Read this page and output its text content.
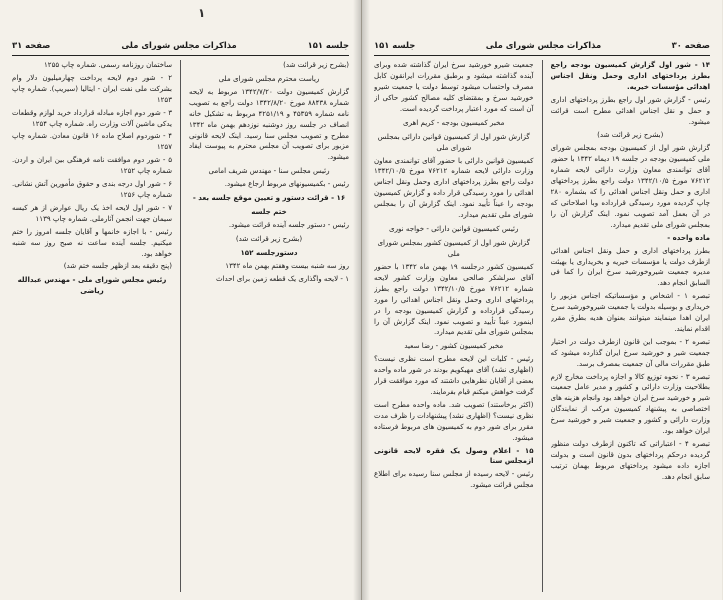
۱
جلسه ۱۵۱
مذاکرات مجلس شورای ملی
صفحه ۳۱

(بشرح زیر قرائت شد)

ریاست محترم مجلس شورای ملی

گزارش کمیسیون دولت ۱۳۴۲/۷/۲۰ مربوط به لایحه شماره ۸۸۴۳۸ مورخ ۱۳۴۲/۸/۲۰ دولت راجع به تصویب نامه شماره ۴۵۳۵۹ و ۴۲۵۱/۱۹ مربوط به تشکیل خانه انصاف در جلسه روز دوشنبه نوزدهم بهمن ماه ۱۳۴۲ مطرح و تصویب مجلس سنا رسید. اینک لایحه قانونی مزبور برای تصویب آن مجلس محترم به پیوست ایفاد میشود.

رئیس مجلس سنا - مهندس شریف امامی

رئیس - بکمیسیونهای مربوط ارجاع میشود.

۱۶ - قرائت دستور و تعیین موقع جلسه بعد -

ختم جلسه

رئیس - دستور جلسه آینده قرائت میشود.

(بشرح زیر قرائت شد)

دستورجلسه ۱۵۲

روز سه شنبه بیست وهفتم بهمن ماه ۱۳۴۲

۱ - لایحه واگذاری یک قطعه زمین برای احداث

ساختمان روزنامه رسمی. شماره چاپ ۱۲۵۵

۲ - شور دوم لایحه پرداخت چهارمیلیون دلار وام بشرکت ملی نفت ایران - ایتالیا (سیریپ). شماره چاپ ۱۲۵۳

۳ - شور دوم اجازه مبادله قرارداد خرید لوازم وقطعات یدکی ماشین آلات وزارت راه. شماره چاپ ۱۲۵۴

۴ - شوردوم اصلاح ماده ۱۶ قانون معادن. شماره چاپ ۱۲۵۷

۵ - شور دوم موافقت نامه فرهنگی بین ایران و اردن. شماره چاپ ۱۲۵۲

۶ - شور اول درجه بندی و حقوق مأمورین آتش نشانی. شماره چاپ ۱۲۵۶

۷ - شور اول لایحه اخذ یک ریال عوارض از هر کیسه سیمان جهت انجمن آثارملی. شماره چاپ ۱۱۳۹

رئیس - با اجازه خانمها و آقایان جلسه امروز را ختم میکنیم. جلسه آینده ساعت نه صبح روز سه شنبه خواهد بود.

(پنج دقیقه بعد ازظهر جلسه ختم شد)

رئیس مجلس شورای ملی - مهندس عبدالله ریاضی

صفحه ۳۰
مذاکرات مجلس شورای ملی
جلسه ۱۵۱

۱۴ - شور اول گزارش کمیسیون بودجه راجع بطرز پرداختهای اداری وحمل ونقل اجناس اهدائی مؤسسات خیریه.

رئیس - گزارش شور اول راجع بطرز پرداختهای اداری و حمل و نقل اجناس اهدائی مطرح است قرائت میشود.

(بشرح زیر قرائت شد)

گزارش شور اول از کمیسیون بودجه بمجلس شورای ملی کمیسیون بودجه در جلسه ۱۹ دیماه ۱۳۴۲ با حضور آقای توانمندی معاون وزارت دارائی لایحه شماره ۷۶۲۱۲ مورخ ۱۳۴۲/۱۰/۵ دولت راجع بطرز پرداختهای اداری و حمل ونقل اجناس اهدائی را که بشماره ۲۸۰ چاپ گردیده مورد رسیدگی قرارداده وبا اصلاحاتی که در آن بعمل آمد تصویب نمود. اینک گزارش آن را بمجلس شورای ملی تقدیم میدارد.

ماده واحده -

بطرز پرداختهای اداری و حمل ونقل اجناس اهدائی ازطرف دولت یا مؤسسات خیریه و بخریداری یا بهیئت مدیره جمعیت شیروخورشید سرخ ایران را کما فی السابق انجام دهد.

تبصره ۱ - اشخاص و مؤسساتیکه اجناس مزبور را خریداری و بوسیله بدولت یا جمعیت شیروخورشید سرخ ایران اهدا مینمایند میتوانند بعنوان هدیه بطرق مقرر اقدام نمایند.

تبصره ۲ - بموجب این قانون ازطرف دولت در اختیار جمعیت شیر و خورشید سرخ ایران گذارده میشود که طبق مقررات مالی آن جمعیت بمصرف برسد.

تبصره ۳ - نحوه توزیع کالا و اجازه پرداخت مخارج لازم بطلاحیت وزارت دارائی و کشور و مدیر عامل جمعیت شیر و خورشید سرخ ایران خواهد بود وانجام هزینه های اختصاصی به پیشنهاد کمیسیون مرکب از نمایندگان وزارت دارائی و کشور و جمعیت شیر و خورشید سرخ ایران خواهد بود.

تبصره ۴ - اعتباراتی که تاکنون ازطرف دولت منظور گردیده درحکم پرداختهای بدون قانون است و بدولت اجازه داده میشود پرداختهای مربوط بهمان ترتیب سابق انجام دهد.

جمعیت شیرو خورشید سرخ ایران گذاشته شده وبرای آینده گذاشته میشود و برطبق مقررات ایرانقون کابل مصرف واحتساب میشود توسط دولت یا جمعیت شیرو خورشید سرخ و بمقتضای کلیه مصالح کشور حاکی از آن است که مورد اعتبار پرداخت گردیده است.

مخبر کمیسیون بودجه - کریم اهری

گزارش شور اول از کمیسیون قوانین دارائی بمجلس شورای ملی

کمیسیون قوانین دارائی با حضور آقای توانمندی معاون وزارت دارائی لایحه شماره ۷۶۲۱۲ مورخ ۱۳۴۲/۱۰/۵ دولت راجع بطرز پرداختهای اداری وحمل ونقل اجناس اهدائی را مورد رسیدگی قرار داده و گزارش کمیسیون بودجه را عیناً تأیید نمود. اینک گزارش آن را بمجلس شورای ملی تقدیم میدارد.

رئیس کمیسیون قوانین دارائی - خواجه نوری

گزارش شور اول از کمیسیون کشور بمجلس شورای ملی

کمیسیون کشور درجلسه ۱۹ بهمن ماه ۱۳۴۲ با حضور آقای سرلشکر صالحی معاون وزارت کشور لایحه شماره ۷۶۲۱۲ مورخ ۱۳۴۲/۱۰/۵ دولت راجع بطرز پرداختهای اداری وحمل ونقل اجناس اهدائی را مورد رسیدگی قرارداده و گزارش کمیسیون بودجه را در اینمورد عیناً تأیید و تصویب نمود. اینک گزارش آن را بمجلس شورای ملی تقدیم میدارد.

مخبر کمیسیون کشور - رضا سعید

رئیس - کلیات این لایحه مطرح است نظری نیست؟ (اظهاری نشد) آقای مهیکویم بودند در شور ماده واحده بعضی از آقایان نظرهایی داشتند که مورد موافقت قرار گرفت خواهش میکنم قیام بفرمایند.

(اکثر برخاستند) تصویب شد. ماده واحده مطرح است نظری نیست؟ (اظهاری نشد) پیشنهادات را ظرف مدت مقرر برای شور دوم به کمیسیون های مربوط فرستاده میشود.

۱۵ - اعلام وصول یک فقره لایحه قانونی ازمجلس سنا

رئیس - لایحه رسیده از مجلس سنا رسیده برای اطلاع مجلس قرائت میشود.
